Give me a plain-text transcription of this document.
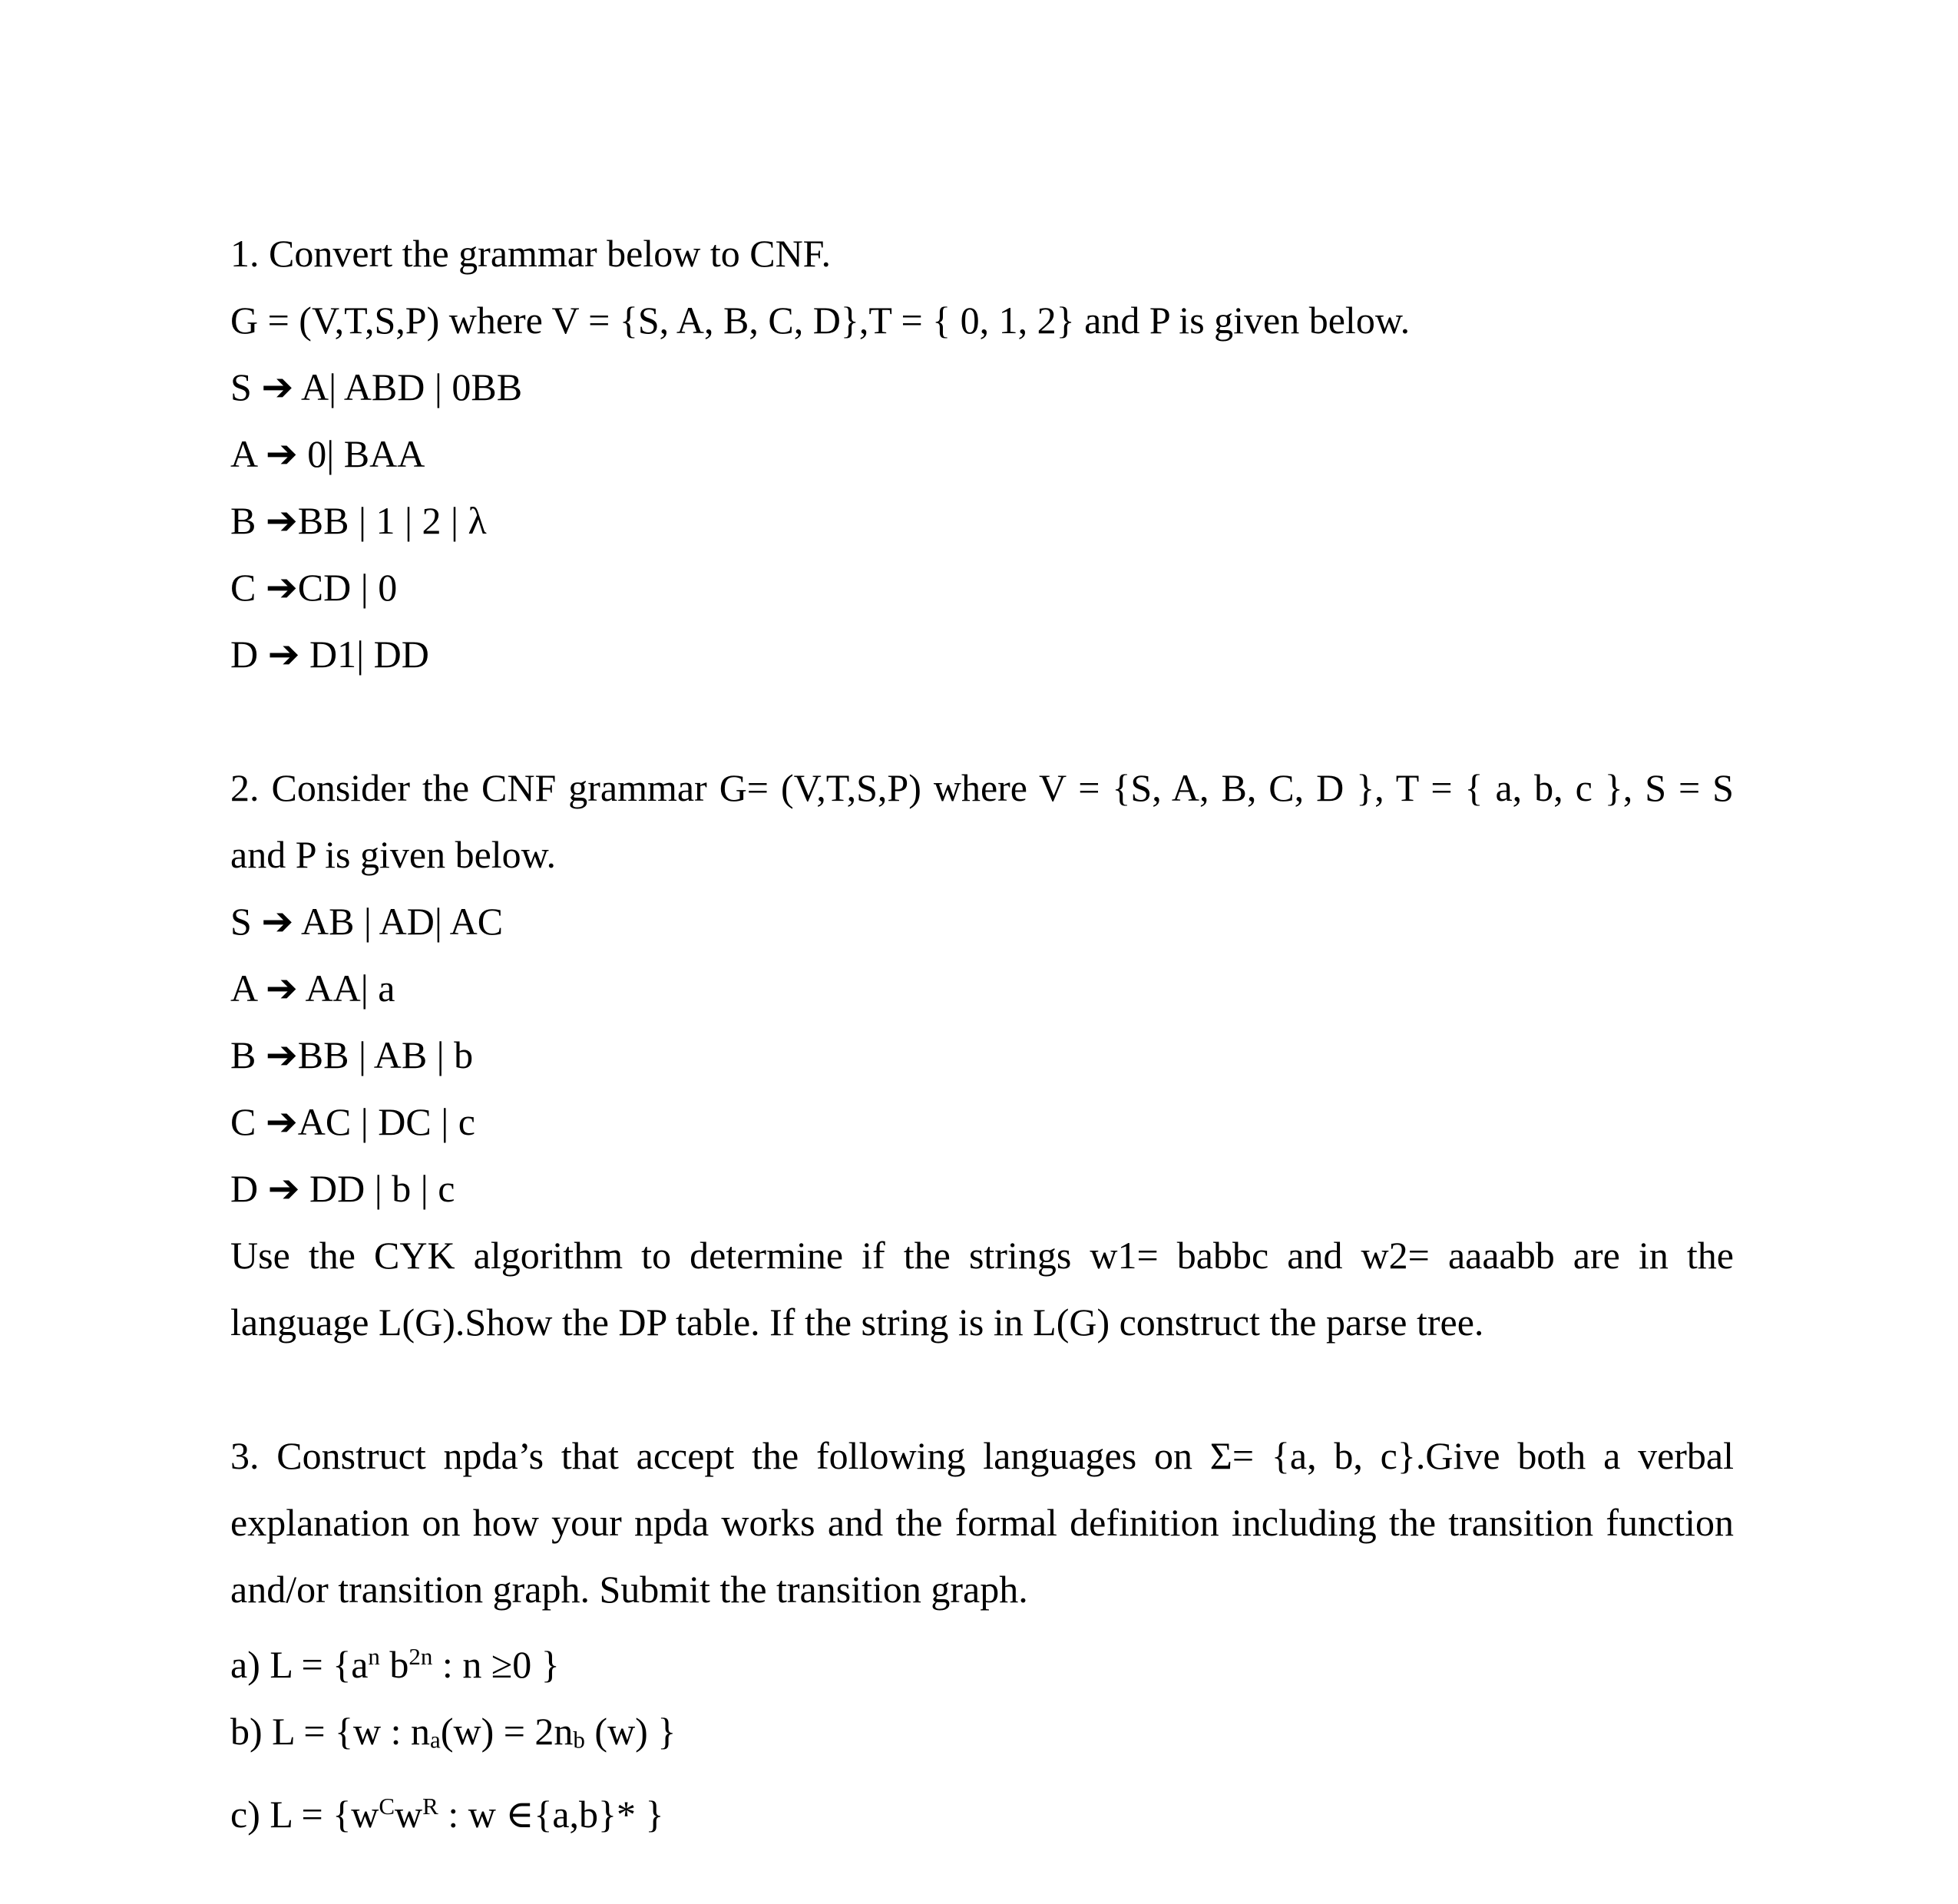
1. Convert the grammar below to CNF.
G = (V,T,S,P) where V = {S, A, B, C, D},T = { 0, 1, 2} and P is given below.
S ➔ A| ABD | 0BB
A ➔ 0| BAA
B ➔BB | 1 | 2 | λ
C ➔CD | 0
D ➔ D1| DD
2. Consider the CNF grammar G= (V,T,S,P) where V = {S, A, B, C, D }, T = { a, b, c }, S = S
and P is given below.
S ➔ AB | AD| AC
A ➔ AA| a
B ➔BB | AB | b
C ➔AC | DC | c
D ➔ DD | b | c
Use the CYK algorithm to determine if the strings w1= babbc and w2= aaaabb are in the
language L(G).Show the DP table. If the string is in L(G) construct the parse tree.
3. Construct npda’s that accept the following languages on Σ= {a, b, c}.Give both a verbal
explanation on how your npda works and the formal definition including the transition function
and/or transition graph. Submit the transition graph.
a) $L = \{a^n$ $b^{2n}$ : n ≥0 }
b) L = {w : na(w) = 2nb (w) }
c) $L = \{w^Cw^R$ : w ∈{a,b}* }
